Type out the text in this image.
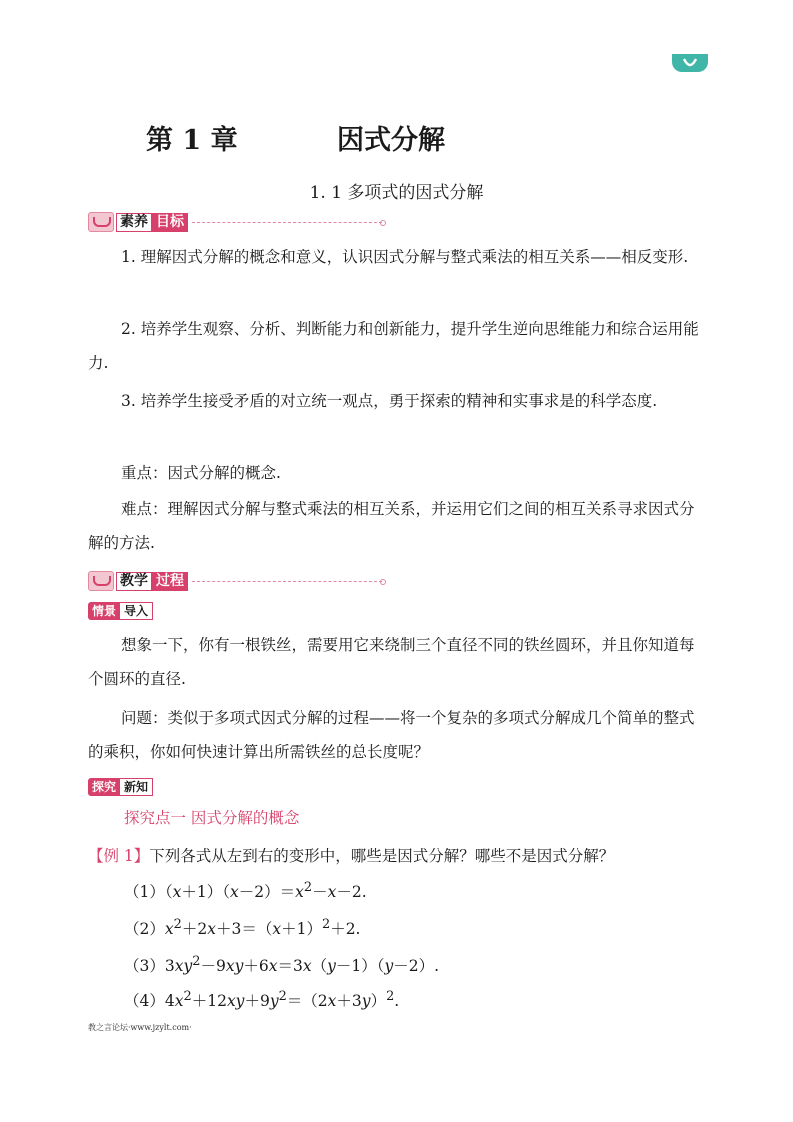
第 1 章	因式分解
1. 1 多项式的因式分解
素养 目标
1. 理解因式分解的概念和意义，认识因式分解与整式乘法的相互关系——相反变形.
2. 培养学生观察、分析、判断能力和创新能力，提升学生逆向思维能力和综合运用能力.
3. 培养学生接受矛盾的对立统一观点，勇于探索的精神和实事求是的科学态度.
重点：因式分解的概念.
难点：理解因式分解与整式乘法的相互关系，并运用它们之间的相互关系寻求因式分解的方法.
教学 过程
情景 导入
想象一下，你有一根铁丝，需要用它来绕制三个直径不同的铁丝圆环，并且你知道每个圆环的直径.
问题：类似于多项式因式分解的过程——将一个复杂的多项式分解成几个简单的整式的乘积，你如何快速计算出所需铁丝的总长度呢？
探究 新知
探究点一 因式分解的概念
【例 1】下列各式从左到右的变形中，哪些是因式分解？哪些不是因式分解？
$(1)(x+1)(x-2)=x^2-x-2$.
$(2)x^2+2x+3=(x+1)^2+2$.
$(3)3xy^2-9xy+6x=3x(y-1)(y-2)$.
$(4)4x^2+12xy+9y^2=(2x+3y)^2$.
教之言论坛·www.jzylt.com·
